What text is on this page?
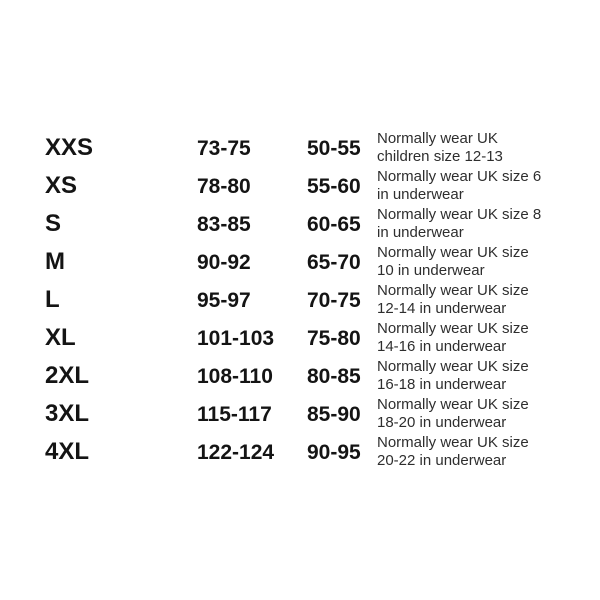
XXS	73-75	50-55	Normally wear UK
children size 12-13
XS	78-80	55-60	Normally wear UK size 6
in underwear
S	83-85	60-65	Normally wear UK size 8
in underwear
M	90-92	65-70	Normally wear UK size
10 in underwear
L	95-97	70-75	Normally wear UK size
12-14 in underwear
XL	101-103	75-80	Normally wear UK size
14-16 in underwear
2XL	108-110	80-85	Normally wear UK size
16-18 in underwear
3XL	115-117	85-90	Normally wear UK size
18-20 in underwear
4XL	122-124	90-95	Normally wear UK size
20-22 in underwear
